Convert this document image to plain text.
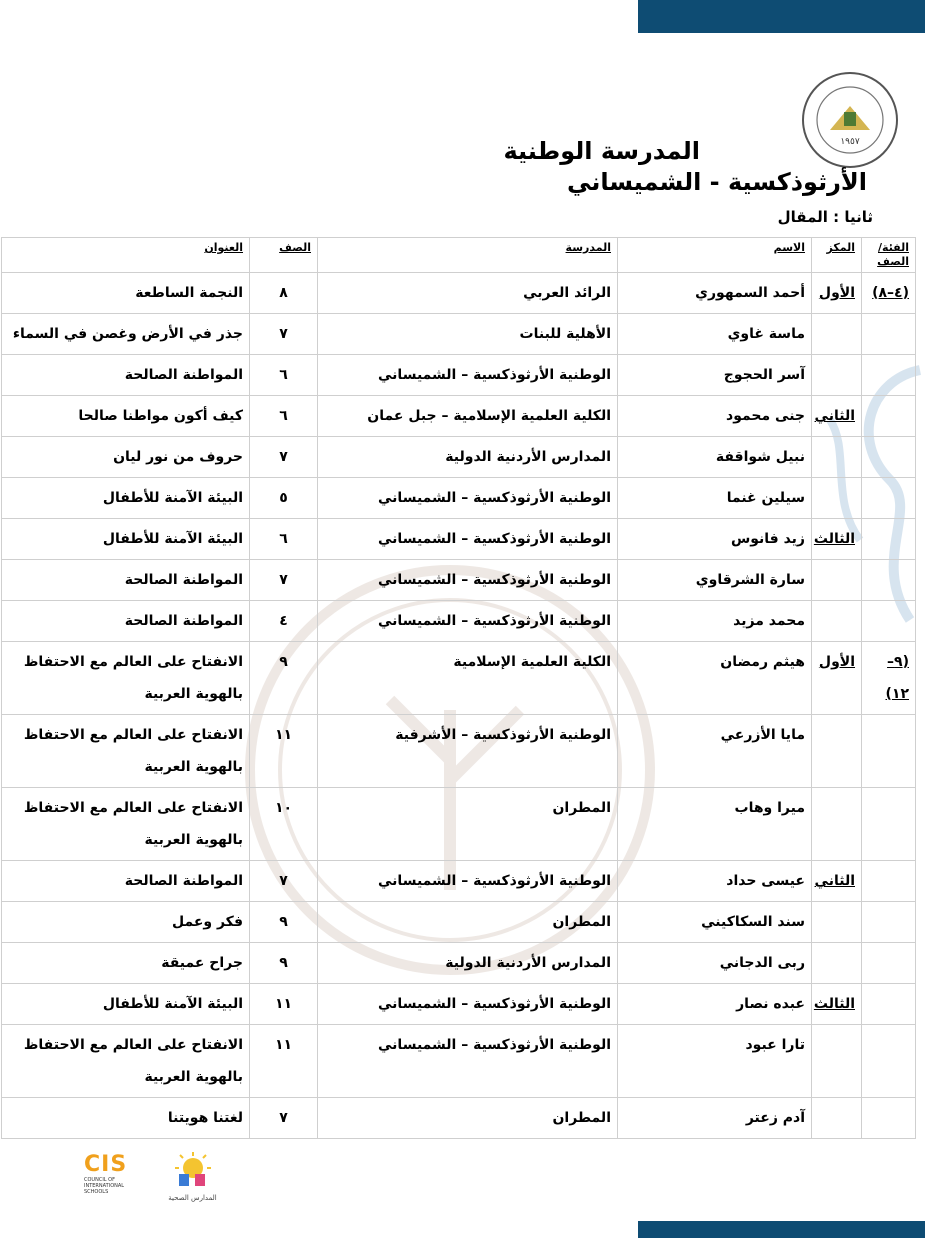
١٩٥٧
المدرسة الوطنية
الأرثوذكسية - الشميساني
ثانيا : المقال
الفئة/الصف	المكز	الاسم	المدرسة	الصف	العنوان
(٤–٨)	الأول	أحمد السمهوري	الرائد العربي	٨	النجمة الساطعة
		ماسة غاوي	الأهلية للبنات	٧	جذر في الأرض وغصن في السماء
		آسر الحجوج	الوطنية الأرثوذكسية – الشميساني	٦	المواطنة الصالحة
	الثاني	جنى محمود	الكلية العلمية الإسلامية – جبل عمان	٦	كيف أكون مواطنا صالحا
		نبيل شواقفة	المدارس الأردنية الدولية	٧	حروف من نور ليان
		سيلين غنما	الوطنية الأرثوذكسية – الشميساني	٥	البيئة الآمنة للأطفال
	الثالث	زيد فانوس	الوطنية الأرثوذكسية – الشميساني	٦	البيئة الآمنة للأطفال
		سارة الشرقاوي	الوطنية الأرثوذكسية – الشميساني	٧	المواطنة الصالحة
		محمد مزيد	الوطنية الأرثوذكسية – الشميساني	٤	المواطنة الصالحة
(٩–١٢)	الأول	هيثم رمضان	الكلية العلمية الإسلامية	٩	الانفتاح على العالم مع الاحتفاظ بالهوية العربية
		مايا الأزرعي	الوطنية الأرثوذكسية – الأشرفية	١١	الانفتاح على العالم مع الاحتفاظ بالهوية العربية
		ميرا وهاب	المطران	١٠	الانفتاح على العالم مع الاحتفاظ بالهوية العربية
	الثاني	عيسى حداد	الوطنية الأرثوذكسية – الشميساني	٧	المواطنة الصالحة
		سند السكاكيني	المطران	٩	فكر وعمل
		ربى الدجاني	المدارس الأردنية الدولية	٩	جراح عميقة
	الثالث	عبده نصار	الوطنية الأرثوذكسية – الشميساني	١١	البيئة الآمنة للأطفال
		تارا عبود	الوطنية الأرثوذكسية – الشميساني	١١	الانفتاح على العالم مع الاحتفاظ بالهوية العربية
		آدم زعتر	المطران	٧	لغتنا هويتنا
CIS
COUNCIL OF INTERNATIONAL SCHOOLS
المدارس الصحية
